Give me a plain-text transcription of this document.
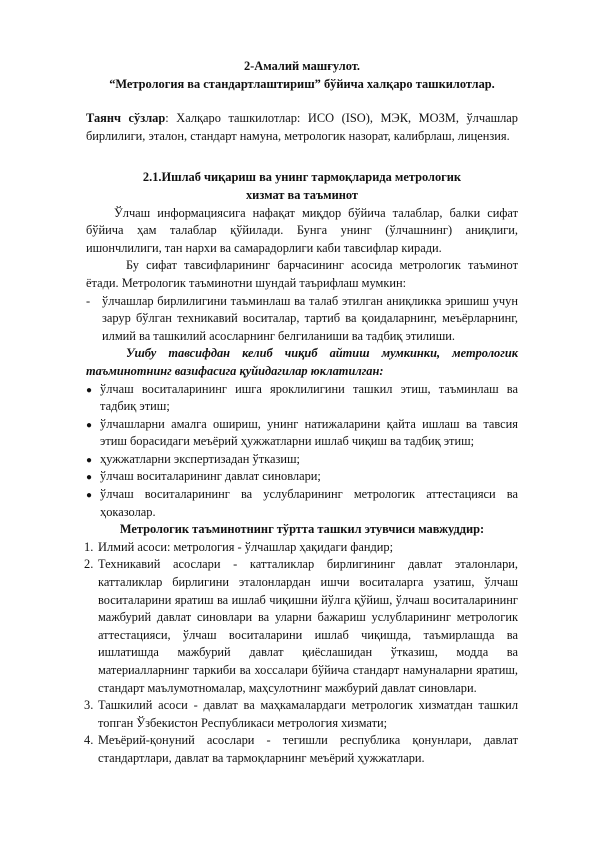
2-Амалий машғулот.

“Метрология ва стандартлаштириш” бўйича халқаро ташкилотлар.

Таянч сўзлар: Халқаро ташкилотлар: ИСО (ISO), МЭК, МОЗМ, ўлчашлар бирлилиги, эталон, стандарт намуна, метрологик назорат, калибрлаш, лицензия.

2.1.Ишлаб чиқариш ва унинг тармоқларида метрологик

хизмат ва таъминот

Ўлчаш информациясига нафақат миқдор бўйича талаблар, балки сифат бўйича ҳам талаблар қўйилади. Бунга унинг (ўлчашнинг) аниқлиги, ишончлилиги, тан нархи ва самарадорлиги каби тавсифлар киради.

Бу сифат тавсифларининг барчасининг асосида метрологик таъминот ётади. Метрологик таъминотни шундай таърифлаш мумкин:

- ўлчашлар бирлилигини таъминлаш ва талаб этилган аниқликка эришиш учун зарур бўлган техникавий воситалар, тартиб ва қоидаларнинг, меъёрларнинг, илмий ва ташкилий асосларнинг белгиланиши ва тадбиқ этилиши.

Ушбу тавсифдан келиб чиқиб айтиш мумкинки, метрологик таъминотнинг вазифасига қуйидагилар юклатилган:

● ўлчаш воситаларининг ишга яроклилигини ташкил этиш, таъминлаш ва тадбиқ этиш;
● ўлчашларни амалга ошириш, унинг натижаларини қайта ишлаш ва тавсия этиш борасидаги меъёрий ҳужжатларни ишлаб чиқиш ва тадбиқ этиш;
● ҳужжатларни экспертизадан ўтказиш;
● ўлчаш воситаларининг давлат синовлари;
● ўлчаш воситаларининг ва услубларининг метрологик аттестацияси ва ҳоказолар.

Метрологик таъминотнинг тўртта ташкил этувчиси мавжуддир:

1. Илмий асоси: метрология - ўлчашлар ҳақидаги фандир;
2. Техникавий асослари - катталиклар бирлигининг давлат эталонлари, катталиклар бирлигини эталонлардан ишчи воситаларга узатиш, ўлчаш воситаларини яратиш ва ишлаб чиқишни йўлга қўйиш, ўлчаш воситаларининг мажбурий давлат синовлари ва уларни бажариш услубларининг метрологик аттестацияси, ўлчаш воситаларини ишлаб чиқишда, таъмирлашда ва ишлатишда мажбурий давлат қиёслашидан ўтказиш, модда ва материалларнинг таркиби ва хоссалари бўйича стандарт намуналарни яратиш, стандарт маълумотномалар, маҳсулотнинг мажбурий давлат синовлари.
3. Ташкилий асоси - давлат ва маҳкамалардаги метрологик хизматдан ташкил топган Ўзбекистон Республикаси метрология хизмати;
4. Меъёрий-қонуний асослари - тегишли республика қонунлари, давлат стандартлари, давлат ва тармоқларнинг меъёрий ҳужжатлари.
